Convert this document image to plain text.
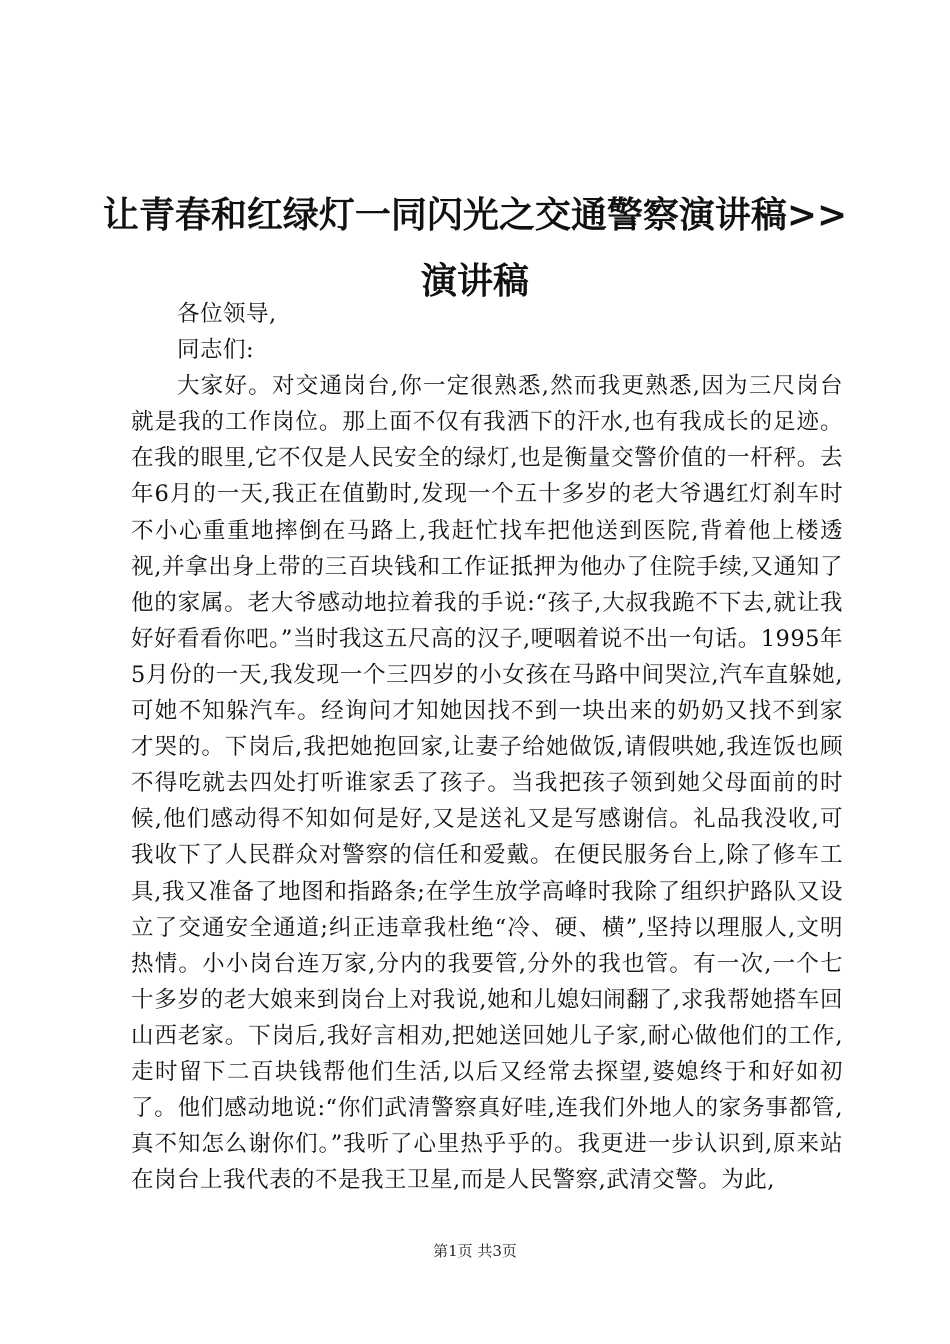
让青春和红绿灯一同闪光之交通警察演讲稿>>
演讲稿

各位领导,

同志们:

大家好。对交通岗台,你一定很熟悉,然而我更熟悉,因为三尺岗台就是我的工作岗位。那上面不仅有我洒下的汗水,也有我成长的足迹。在我的眼里,它不仅是人民安全的绿灯,也是衡量交警价值的一杆秤。去年6月的一天,我正在值勤时,发现一个五十多岁的老大爷遇红灯刹车时不小心重重地摔倒在马路上,我赶忙找车把他送到医院,背着他上楼透视,并拿出身上带的三百块钱和工作证抵押为他办了住院手续,又通知了他的家属。老大爷感动地拉着我的手说:“孩子,大叔我跪不下去,就让我好好看看你吧。”当时我这五尺高的汉子,哽咽着说不出一句话。1995年5月份的一天,我发现一个三四岁的小女孩在马路中间哭泣,汽车直躲她,可她不知躲汽车。经询问才知她因找不到一块出来的奶奶又找不到家才哭的。下岗后,我把她抱回家,让妻子给她做饭,请假哄她,我连饭也顾不得吃就去四处打听谁家丢了孩子。当我把孩子领到她父母面前的时候,他们感动得不知如何是好,又是送礼又是写感谢信。礼品我没收,可我收下了人民群众对警察的信任和爱戴。在便民服务台上,除了修车工具,我又准备了地图和指路条;在学生放学高峰时我除了组织护路队又设立了交通安全通道;纠正违章我杜绝“冷、硬、横”,坚持以理服人,文明热情。小小岗台连万家,分内的我要管,分外的我也管。有一次,一个七十多岁的老大娘来到岗台上对我说,她和儿媳妇闹翻了,求我帮她搭车回山西老家。下岗后,我好言相劝,把她送回她儿子家,耐心做他们的工作,走时留下二百块钱帮他们生活,以后又经常去探望,婆媳终于和好如初了。他们感动地说:“你们武清警察真好哇,连我们外地人的家务事都管,真不知怎么谢你们。”我听了心里热乎乎的。我更进一步认识到,原来站在岗台上我代表的不是我王卫星,而是人民警察,武清交警。为此,

第1页 共3页
